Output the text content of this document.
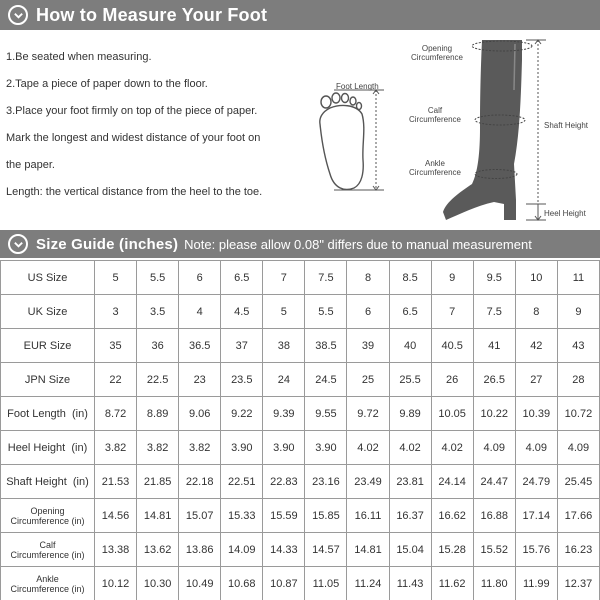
How to Measure Your Foot
1.Be seated when measuring.
2.Tape a piece of paper down to the floor.
3.Place your foot firmly on top of the piece of paper.
Mark the longest and widest distance of your foot on
the paper.
Length: the vertical distance from the heel to the toe.
Foot Length
Opening
Circumference
Calf
Circumference
Ankle
Circumference
Shaft Height
Heel Height
Size Guide (inches) Note: please allow 0.08" differs due to manual measurement
US Size	5	5.5	6	6.5	7	7.5	8	8.5	9	9.5	10	11
UK Size	3	3.5	4	4.5	5	5.5	6	6.5	7	7.5	8	9
EUR Size	35	36	36.5	37	38	38.5	39	40	40.5	41	42	43
JPN Size	22	22.5	23	23.5	24	24.5	25	25.5	26	26.5	27	28
Foot Length  (in)	8.72	8.89	9.06	9.22	9.39	9.55	9.72	9.89	10.05	10.22	10.39	10.72
Heel Height  (in)	3.82	3.82	3.82	3.90	3.90	3.90	4.02	4.02	4.02	4.09	4.09	4.09
Shaft Height  (in)	21.53	21.85	22.18	22.51	22.83	23.16	23.49	23.81	24.14	24.47	24.79	25.45
Opening
Circumference (in)	14.56	14.81	15.07	15.33	15.59	15.85	16.11	16.37	16.62	16.88	17.14	17.66
Calf
Circumference (in)	13.38	13.62	13.86	14.09	14.33	14.57	14.81	15.04	15.28	15.52	15.76	16.23
Ankle
Circumference (in)	10.12	10.30	10.49	10.68	10.87	11.05	11.24	11.43	11.62	11.80	11.99	12.37
